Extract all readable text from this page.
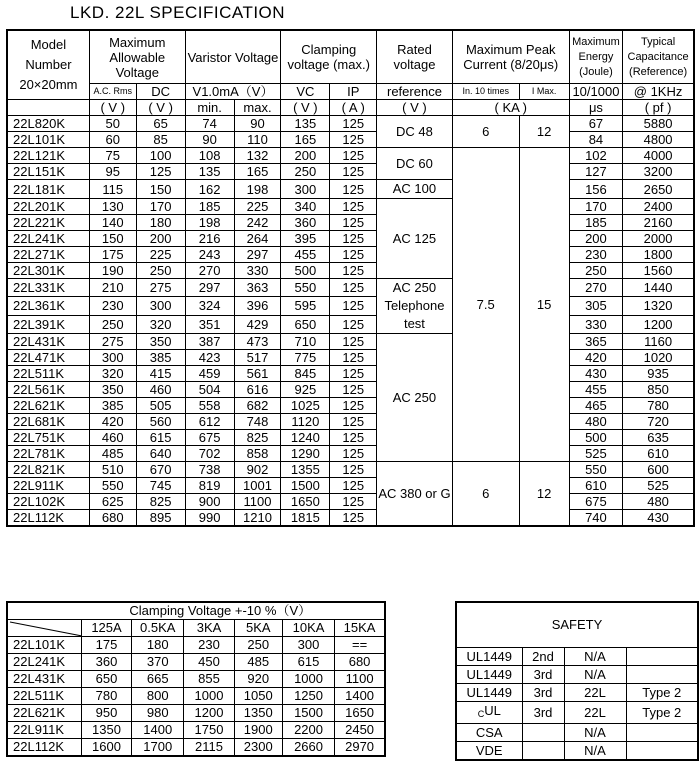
LKD. 22L SPECIFICATION
Model Number
20×20mm	Maximum Allowable Voltage		Varistor Voltage		Clamping voltage (max.)		Rated voltage	Maximum Peak Current (8/20μs)		Maximum Energy (Joule)	Typical Capacitance (Reference)
	A.C. Rms	DC	V1.0mA（V）		VC	IP	reference	In. 10 times	I Max.	10/1000	@ 1KHz
	( V )	( V )	min.	max.	( V )	( A )	( V )	( KA )		μs	( pf )
22L820K	50	65	74	90	135	125	DC 48	6	12	67	5880
22L101K	60	85	90	110	165	125				84	4800
22L121K	75	100	108	132	200	125	DC 60	7.5	15	102	4000
22L151K	95	125	135	165	250	125				127	3200
22L181K	115	150	162	198	300	125	AC 100			156	2650
22L201K	130	170	185	225	340	125	AC 125			170	2400
22L221K	140	180	198	242	360	125				185	2160
22L241K	150	200	216	264	395	125				200	2000
22L271K	175	225	243	297	455	125				230	1800
22L301K	190	250	270	330	500	125				250	1560
22L331K	210	275	297	363	550	125	AC 250 Telephone test			270	1440
22L361K	230	300	324	396	595	125				305	1320
22L391K	250	320	351	429	650	125				330	1200
22L431K	275	350	387	473	710	125	AC 250			365	1160
22L471K	300	385	423	517	775	125				420	1020
22L511K	320	415	459	561	845	125				430	935
22L561K	350	460	504	616	925	125				455	850
22L621K	385	505	558	682	1025	125				465	780
22L681K	420	560	612	748	1120	125				480	720
22L751K	460	615	675	825	1240	125				500	635
22L781K	485	640	702	858	1290	125				525	610
22L821K	510	670	738	902	1355	125	AC 380 or G	6	12	550	600
22L911K	550	745	819	1001	1500	125				610	525
22L102K	625	825	900	1100	1650	125				675	480
22L112K	680	895	990	1210	1815	125				740	430
	Clamping Voltage +-10 %（V）					

	125A	0.5KA	3KA	5KA	10KA	15KA
22L101K	175	180	230	250	300	==
22L241K	360	370	450	485	615	680
22L431K	650	665	855	920	1000	1100
22L511K	780	800	1000	1050	1250	1400
22L621K	950	980	1200	1350	1500	1650
22L911K	1350	1400	1750	1900	2200	2450
22L112K	1600	1700	2115	2300	2660	2970
SAFETY			
UL1449	2nd	N/A	
UL1449	3rd	N/A	
UL1449	3rd	22L	Type 2
$_C$UL	3rd	22L	Type 2
CSA		N/A	
VDE		N/A	
